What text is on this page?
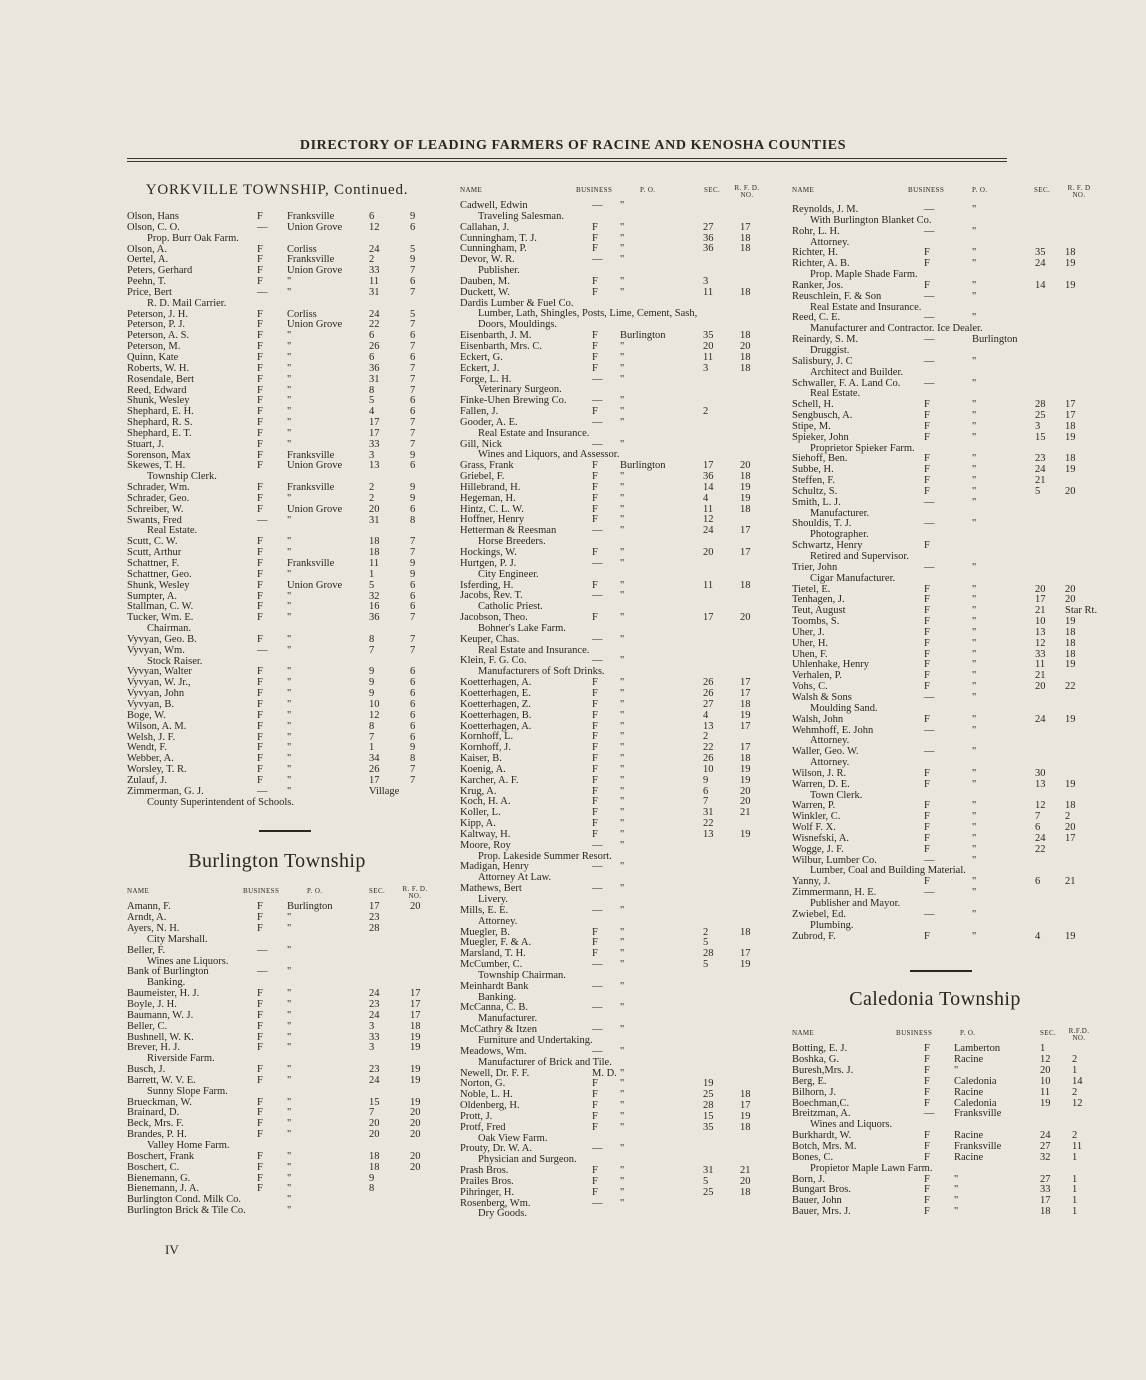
DIRECTORY OF LEADING FARMERS OF RACINE AND KENOSHA COUNTIES
YORKVILLE TOWNSHIP, Continued.
Olson, Hans	F Franksville	6	9
Olson, C. O.	— Union Grove	12	6
Prop. Burr Oak Farm.
Olson, A.	F Corliss	24	5
Oertel, A.	F Franksville	2	9
Peters, Gerhard	F Union Grove	33	7
Peehn, T.	F "	11	6
Price, Bert	— "	31	7
R. D. Mail Carrier.
Peterson, J. H.	F Corliss	24	5
Peterson, P. J.	F Union Grove	22	7
Peterson, A. S.	F "	6	6
Peterson, M.	F "	26	7
Quinn, Kate	F "	6	6
Roberts, W. H.	F "	36	7
Rosendale, Bert	F "	31	7
Reed, Edward	F "	8	7
Shunk, Wesley	F "	5	6
Shephard, E. H.	F "	4	6
Shephard, R. S.	F "	17	7
Shephard, E. T.	F "	17	7
Stuart, J.	F "	33	7
Sorenson, Max	F Franksville	3	9
Skewes, T. H.	F Union Grove	13	6
Township Clerk.
Schrader, Wm.	F Franksville	2	9
Schrader, Geo.	F "	2	9
Schreiber, W.	F Union Grove	20	6
Swants, Fred	— "	31	8
Real Estate.
Scutt, C. W.	F "	18	7
Scutt, Arthur	F "	18	7
Schattner, F.	F Franksville	11	9
Schattner, Geo.	F "	1	9
Shunk, Wesley	F Union Grove	5	6
Sumpter, A.	F "	32	6
Stallman, C. W.	F "	16	6
Tucker, Wm. E.	F "	36	7
Chairman.
Vyvyan, Geo. B.	F "	8	7
Vyvyan, Wm.	— "	7	7
Stock Raiser.
Vyvyan, Walter	F "	9	6
Vyvyan, W. Jr.,	F "	9	6
Vyvyan, John	F "	9	6
Vyvyan, B.	F "	10	6
Boge, W.	F "	12	6
Wilson, A. M.	F "	8	6
Welsh, J. F.	F "	7	6
Wendt, F.	F "	1	9
Webber, A.	F "	34	8
Worsley, T. R.	F "	26	7
Zulauf, J.	F "	17	7
Zimmerman, G. J.	— "	Village
County Superintendent of Schools.
Burlington Township
NAME	BUSINESS	P. O.	SEC.	R. F. D. NO.
Amann, F.	F Burlington	17	20
Arndt, A.	F "	23
Ayers, N. H.	F "	28
City Marshall.
Beller, F.	— "
Wines ane Liquors.
Bank of Burlington	— "
Banking.
Baumeister, H. J.	F "	24	17
Boyle, J. H.	F "	23	17
Baumann, W. J.	F "	24	17
Beller, C.	F "	3	18
Bushnell, W. K.	F "	33	19
Brever, H. J.	F "	3	19
Riverside Farm.
Busch, J.	F "	23	19
Barrett, W. V. E.	F "	24	19
Sunny Slope Farm.
Brueckman, W.	F "	15	19
Brainard, D.	F "	7	20
Beck, Mrs. F.	F "	20	20
Brandes, P. H.	F "	20	20
Valley Home Farm.
Boschert, Frank	F "	18	20
Boschert, C.	F "	18	20
Bienemann, G.	F "	9
Bienemann, J. A.	F "	8
Burlington Cond. Milk Co.	"
Burlington Brick & Tile Co.	"
NAME	BUSINESS	P. O.	SEC.	R. F. D. NO.
Cadwell, Edwin	— "
Traveling Salesman.
Callahan, J.	F "	27	17
Cunningham, T. J.	F "	36	18
Cunningham, P.	F "	36	18
Devor, W. R.	— "
Publisher.
Dauben, M.	F "	3
Duckett, W.	F "	11	18
Dardis Lumber & Fuel Co.
Lumber, Lath, Shingles, Posts, Lime, Cement, Sash,
Doors, Mouldings.
Eisenbarth, J. M.	F Burlington	35	18
Eisenbarth, Mrs. C.	F "	20	20
Eckert, G.	F "	11	18
Eckert, J.	F "	3	18
Forge, L. H.	— "
Veterinary Surgeon.
Finke-Uhen Brewing Co. — "
Fallen, J.	F "	2
Gooder, A. E.	— "
Real Estate and Insurance.
Gill, Nick	— "
Wines and Liquors, and Assessor.
Grass, Frank	F Burlington	17	20
Griebel, F.	F "	36	18
Hillebrand, H.	F "	14	19
Hegeman, H.	F "	4	19
Hintz, C. L. W.	F "	11	18
Hoffner, Henry	F "	12
Hetterman & Reesman	— "	24	17
Horse Breeders.
Hockings, W.	F "	20	17
Hurtgen, P. J.	— "
City Engineer.
Isferding, H.	F "	11	18
Jacobs, Rev. T.	— "
Catholic Priest.
Jacobson, Theo.	F "	17	20
Bohner's Lake Farm.
Keuper, Chas.	— "
Real Estate and Insurance.
Klein, F. G. Co.	— "
Manufacturers of Soft Drinks.
Koetterhagen, A.	F "	26	17
Koetterhagen, E.	F "	26	17
Koetterhagen, Z.	F "	27	18
Koetterhagen, B.	F "	4	19
Koetterhagen, A.	F "	13	17
Kornhoff, L.	F "	2
Kornhoff, J.	F "	22	17
Kaiser, B.	F "	26	18
Koenig, A.	F "	10	19
Karcher, A. F.	F "	9	19
Krug, A.	F "	6	20
Koch, H. A.	F "	7	20
Koller, L.	F "	31	21
Kipp, A.	F "	22
Kaltway, H.	F "	13	19
Moore, Roy	— "
Prop. Lakeside Summer Resort.
Madigan, Henry	— "
Attorney At Law.
Mathews, Bert	— "
Livery.
Mills, E. E.	— "
Attorney.
Muegler, B.	F "	2	18
Muegler, F. & A.	F "	5
Marsland, T. H.	F "	28	17
McCumber, C.	— "	5	19
Township Chairman.
Meinhardt Bank	— "
Banking.
McCanna, C. B.	— "
Manufacturer.
McCathry & Itzen	— "
Furniture and Undertaking.
Meadows, Wm.	— "
Manufacturer of Brick and Tile.
Newell, Dr. F. F.	M. D. "
Norton, G.	F "	19
Noble, L. H.	F "	25	18
Oldenberg, H.	F "	28	17
Prott, J.	F "	15	19
Protf, Fred	F "	35	18
Oak View Farm.
Prouty, Dr. W. A.	— "
Physician and Surgeon.
Prash Bros.	F "	31	21
Prailes Bros.	F "	5	20
Pihringer, H.	F "	25	18
Rosenberg, Wm.	— "
Dry Goods.
NAME	BUSINESS	P. O.	SEC.	R. F. D NO.
Reynolds, J. M.	—	"
With Burlington Blanket Co.
Rohr, L. H.	—	"
Attorney.
Richter, H.	F	"	35 18
Richter, A. B.	F	"	24 19
Prop. Maple Shade Farm.
Ranker, Jos.	F	"	14 19
Reuschlein, F. & Son	—	"
Real Estate and Insurance.
Reed, C. E.	—	"
Manufacturer and Contractor. Ice Dealer.
Reinardy, S. M.	—	Burlington
Druggist.
Salisbury, J. C	—	"
Architect and Builder.
Schwaller, F. A. Land Co. —	"
Real Estate.
Schell, H.	F	"	28 17
Sengbusch, A.	F	"	25 17
Stipe, M.	F	"	3 18
Spieker, John	F	"	15 19
Proprietor Spieker Farm.
Siehoff, Ben.	F	"	23 18
Subbe, H.	F	"	24 19
Steffen, F.	F	"	21
Schultz, S.	F	"	5 20
Smith, L. J.	—	"
Manufacturer.
Shouldis, T. J.	—	"
Photographer.
Schwartz, Henry	F
Retired and Supervisor.
Trier, John	—	"
Cigar Manufacturer.
Tietel, E.	F	"	20 20
Tenhagen, J.	F	"	17 20
Teut, August	F	"	21 Star Rt.
Toombs, S.	F	"	10 19
Uher, J.	F	"	13 18
Uher, H.	F	"	12 18
Uhen, F.	F	"	33 18
Uhlenhake, Henry	F	"	11 19
Verhalen, P.	F	"	21
Vohs, C.	F	"	20 22
Walsh & Sons	—	"
Moulding Sand.
Walsh, John	F	"	24 19
Wehmhoff, E. John	—	"
Attorney.
Waller, Geo. W.	—	"
Attorney.
Wilson, J. R.	F	"	30
Warren, D. E.	F	"	13 19
Town Clerk.
Warren, P.	F	"	12 18
Winkler, C.	F	"	7 2
Wolf F. X.	F	"	6 20
Wisnefski, A.	F	"	24 17
Wogge, J. F.	F	"	22
Wilbur, Lumber Co.	—	"
Lumber, Coal and Building Material.
Yanny, J.	F	"	6 21
Zimmermann, H. E.	—	"
Publisher and Mayor.
Zwiebel, Ed.	—	"
Plumbing.
Zubrod, F.	F	"	4 19
Caledonia Township
NAME	BUSINESS	P. O.	SEC.	R.F.D. NO.
Botting, E. J.	F Lamberton	1
Boshka, G.	F Racine	12 2
Buresh,Mrs. J.	F "	20 1
Berg, E.	F Caledonia	10 14
Bilhorn, J.	F Racine	11 2
Boechman,C.	F Caledonia	19 12
Breitzman, A.	— Franksville
Wines and Liquors.
Burkhardt, W.	F Racine	24 2
Botch, Mrs. M.	F Franksville	27 11
Bones, C.	F Racine	32 1
Propietor Maple Lawn Farm.
Born, J.	F "	27 1
Bungart Bros.	F "	33 1
Bauer, John	F "	17 1
Bauer, Mrs. J.	F "	18 1
IV
